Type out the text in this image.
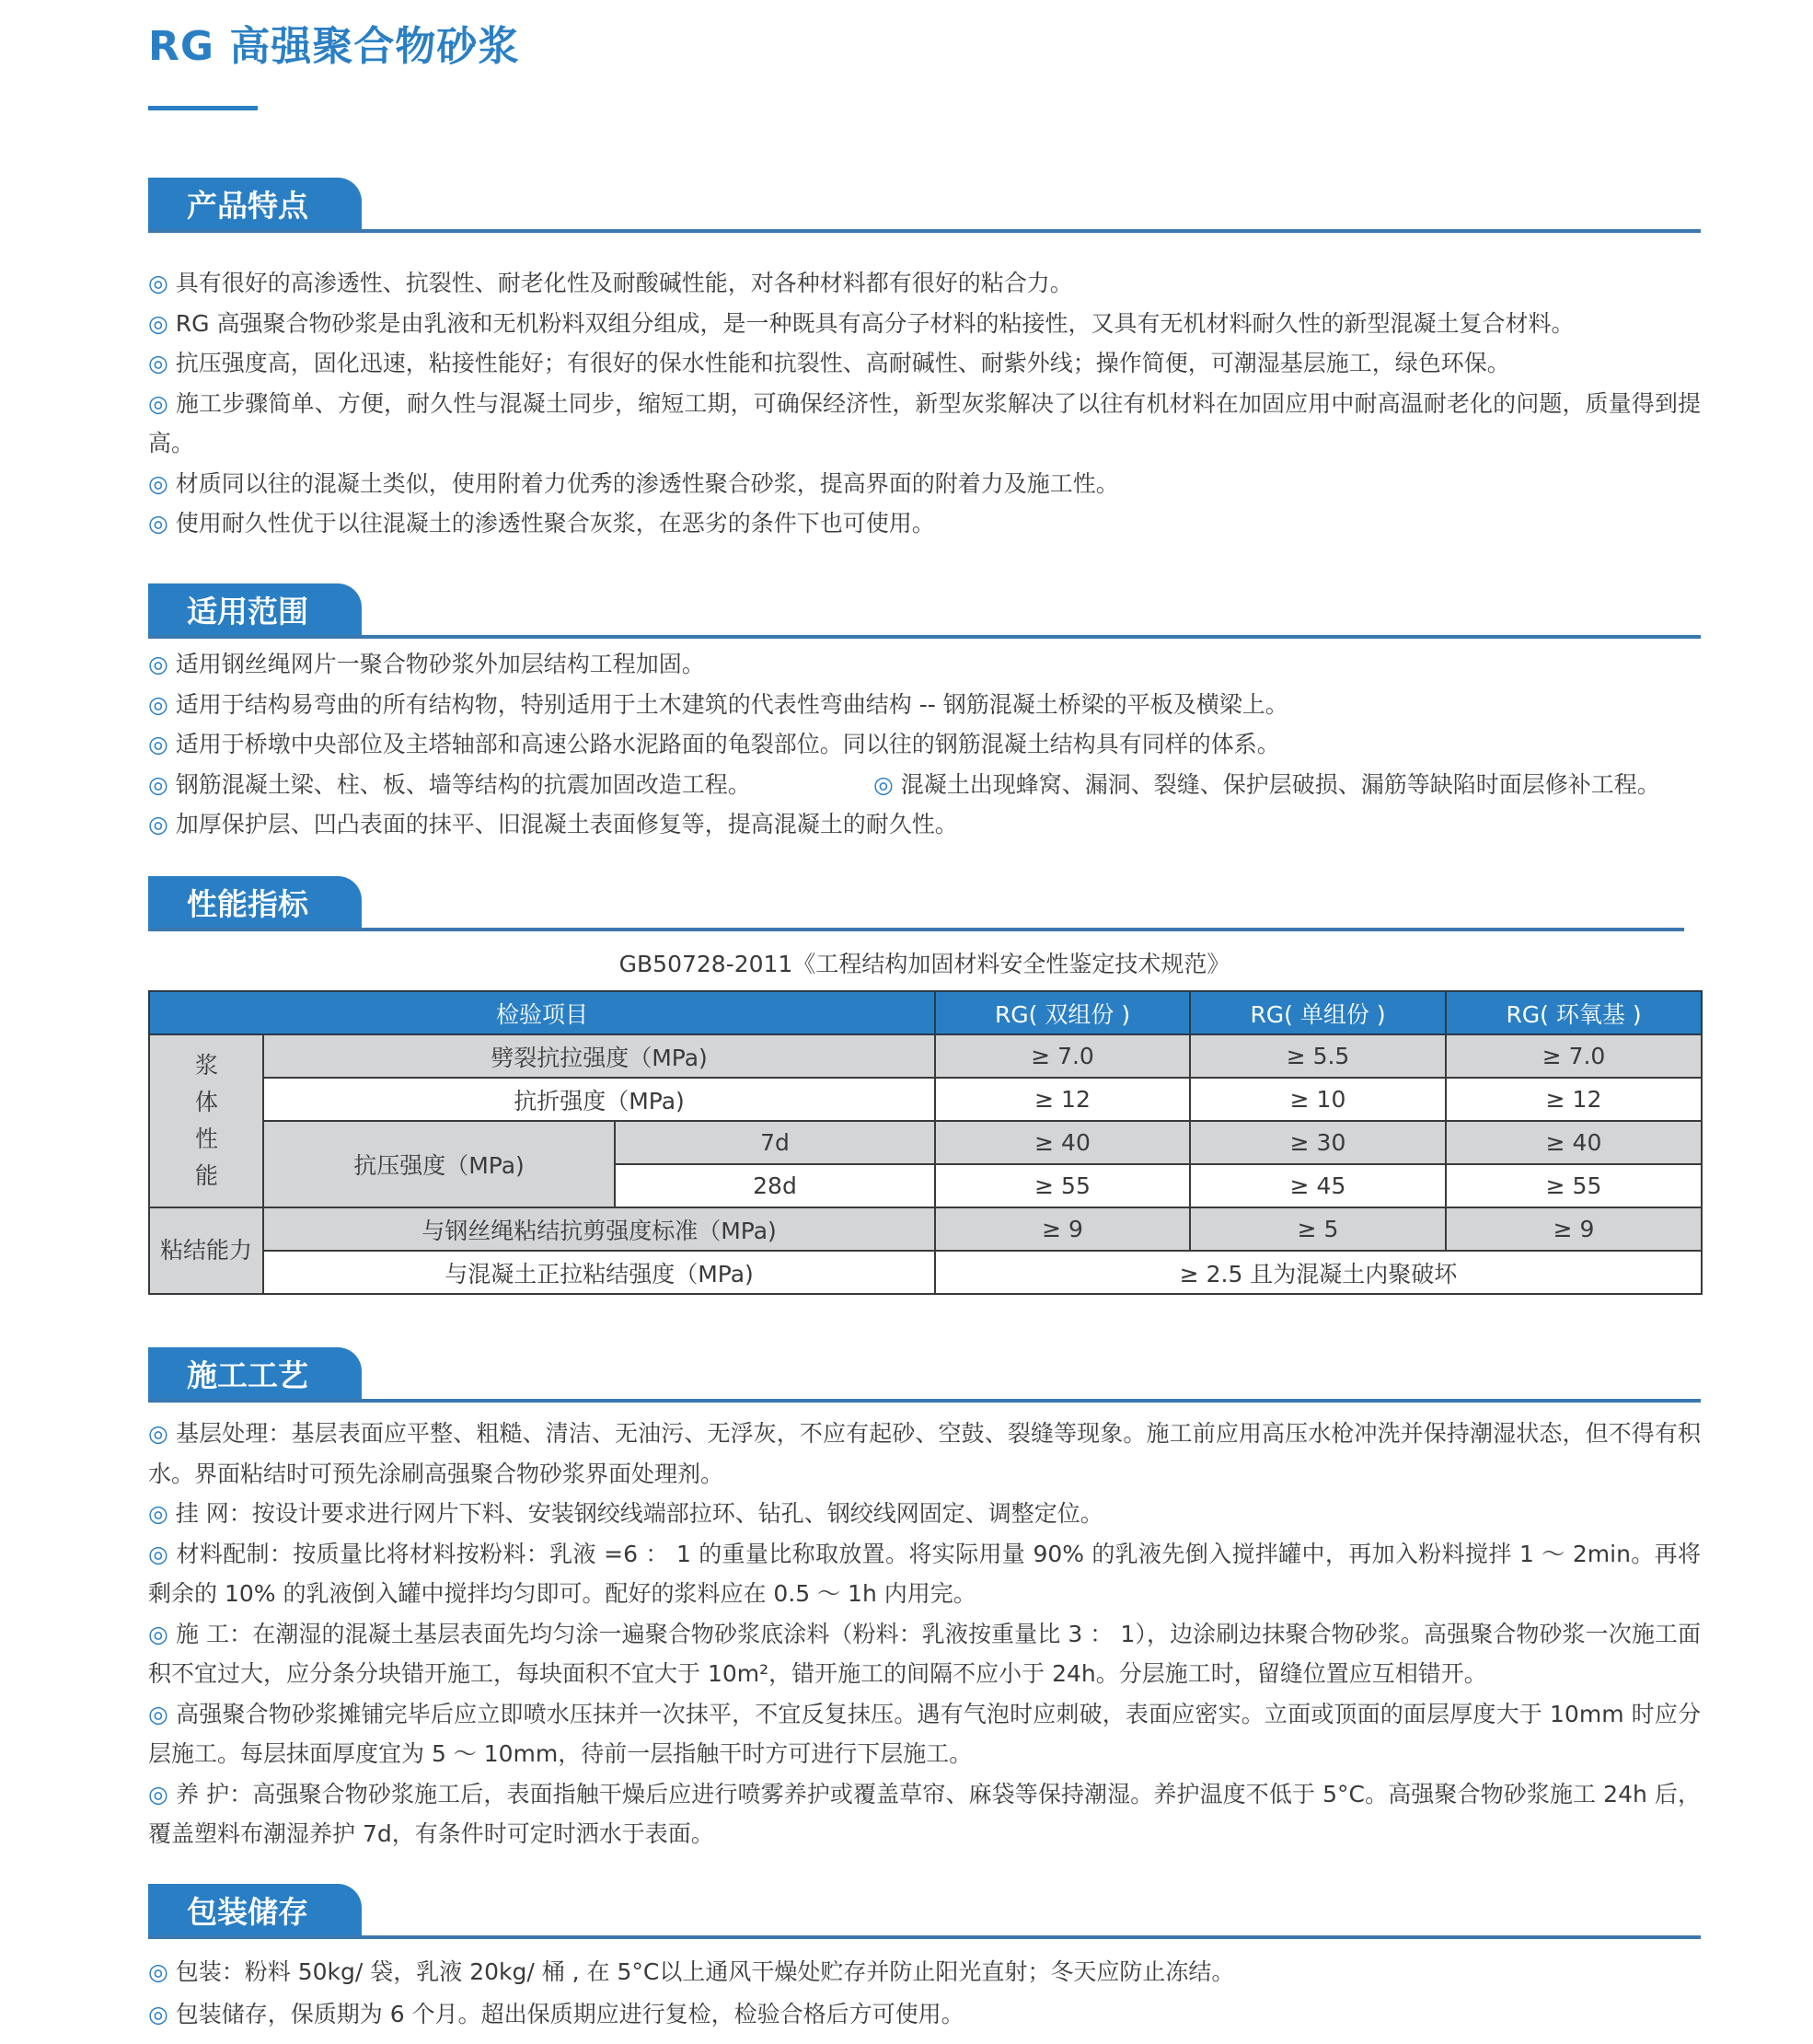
RG 高强聚合物砂浆
产品特点

◎ 具有很好的高渗透性、抗裂性、耐老化性及耐酸碱性能，对各种材料都有很好的粘合力。

◎ RG 高强聚合物砂浆是由乳液和无机粉料双组分组成，是一种既具有高分子材料的粘接性，又具有无机材料耐久性的新型混凝土复合材料。

◎ 抗压强度高，固化迅速，粘接性能好；有很好的保水性能和抗裂性、高耐碱性、耐紫外线；操作简便，可潮湿基层施工，绿色环保。

◎ 施工步骤简单、方便，耐久性与混凝土同步，缩短工期，可确保经济性，新型灰浆解决了以往有机材料在加固应用中耐高温耐老化的问题，质量得到提高。

◎ 材质同以往的混凝土类似，使用附着力优秀的渗透性聚合砂浆，提高界面的附着力及施工性。

◎ 使用耐久性优于以往混凝土的渗透性聚合灰浆，在恶劣的条件下也可使用。

适用范围

◎ 适用钢丝绳网片一聚合物砂浆外加层结构工程加固。

◎ 适用于结构易弯曲的所有结构物，特别适用于土木建筑的代表性弯曲结构 -- 钢筋混凝土桥梁的平板及横梁上。

◎ 适用于桥墩中央部位及主塔轴部和高速公路水泥路面的龟裂部位。同以往的钢筋混凝土结构具有同样的体系。

◎ 钢筋混凝土梁、柱、板、墙等结构的抗震加固改造工程。	◎ 混凝土出现蜂窝、漏洞、裂缝、保护层破损、漏筋等缺陷时面层修补工程。

◎ 加厚保护层、凹凸表面的抹平、旧混凝土表面修复等，提高混凝土的耐久性。

性能指标
GB50728-2011《工程结构加固材料安全性鉴定技术规范》
检验项目			RG( 双组份 )	RG( 单组份 )	RG( 环氧基 )
浆体性能	劈裂抗拉强度（MPa)		≥ 7.0	≥ 5.5	≥ 7.0
	抗折强度（MPa)		≥ 12	≥ 10	≥ 12
	抗压强度（MPa)	7d	≥ 40	≥ 30	≥ 40
		28d	≥ 55	≥ 45	≥ 55
粘结能力	与钢丝绳粘结抗剪强度标准（MPa)		≥ 9	≥ 5	≥ 9
	与混凝土正拉粘结强度（MPa)		≥ 2.5 且为混凝土内聚破坏		
施工工艺

◎ 基层处理：基层表面应平整、粗糙、清洁、无油污、无浮灰，不应有起砂、空鼓、裂缝等现象。施工前应用高压水枪冲洗并保持潮湿状态，但不得有积水。界面粘结时可预先涂刷高强聚合物砂浆界面处理剂。

◎ 挂 网：按设计要求进行网片下料、安装钢绞线端部拉环、钻孔、钢绞线网固定、调整定位。

◎ 材料配制：按质量比将材料按粉料：乳液 =6 ： 1 的重量比称取放置。将实际用量 90% 的乳液先倒入搅拌罐中，再加入粉料搅拌 1 ～ 2min。再将剩余的 10% 的乳液倒入罐中搅拌均匀即可。配好的浆料应在 0.5 ～ 1h 内用完。

◎ 施 工：在潮湿的混凝土基层表面先均匀涂一遍聚合物砂浆底涂料（粉料：乳液按重量比 3 ： 1），边涂刷边抹聚合物砂浆。高强聚合物砂浆一次施工面积不宜过大，应分条分块错开施工，每块面积不宜大于 10m²，错开施工的间隔不应小于 24h。分层施工时，留缝位置应互相错开。

◎ 高强聚合物砂浆摊铺完毕后应立即喷水压抹并一次抹平，不宜反复抹压。遇有气泡时应刺破，表面应密实。立面或顶面的面层厚度大于 10mm 时应分层施工。每层抹面厚度宜为 5 ～ 10mm，待前一层指触干时方可进行下层施工。

◎ 养 护：高强聚合物砂浆施工后，表面指触干燥后应进行喷雾养护或覆盖草帘、麻袋等保持潮湿。养护温度不低于 5°C。高强聚合物砂浆施工 24h 后，覆盖塑料布潮湿养护 7d，有条件时可定时洒水于表面。

包装储存

◎ 包装：粉料 50kg/ 袋，乳液 20kg/ 桶 , 在 5°C以上通风干燥处贮存并防止阳光直射；冬天应防止冻结。

◎ 包装储存，保质期为 6 个月。超出保质期应进行复检，检验合格后方可使用。
